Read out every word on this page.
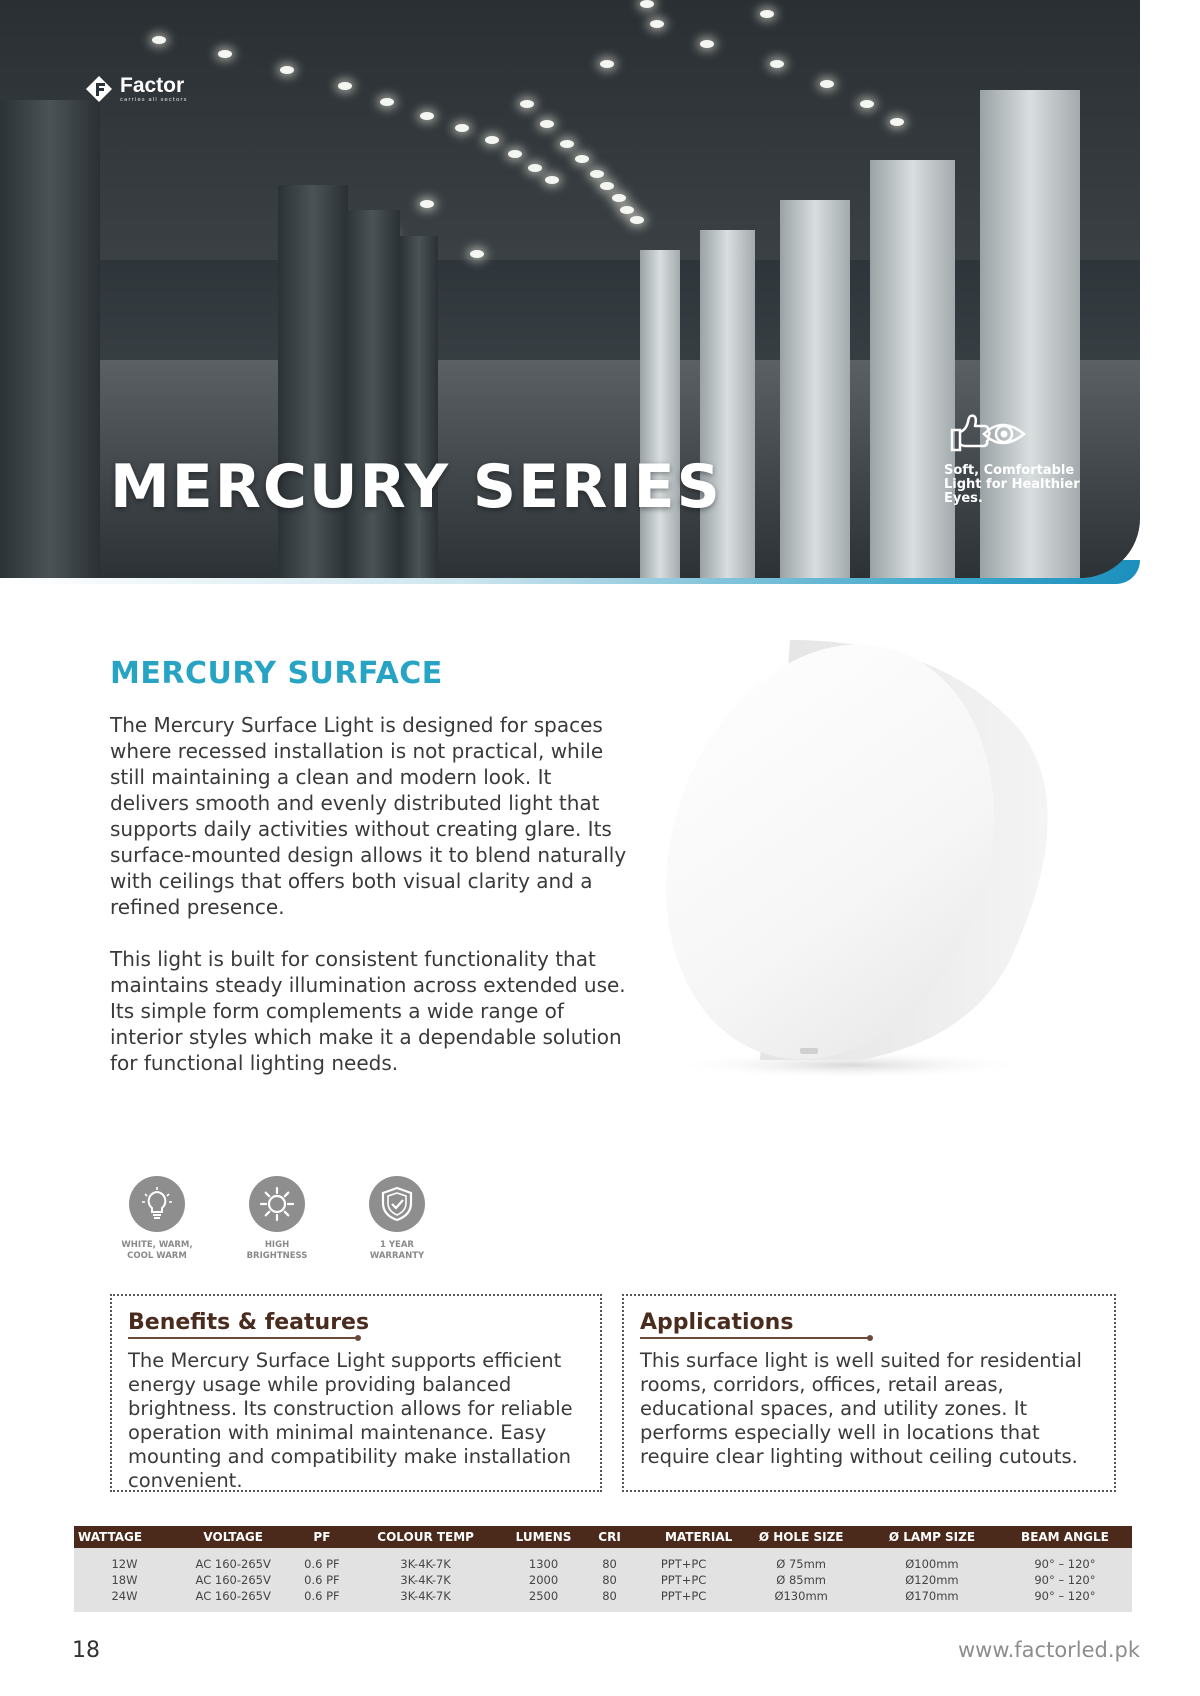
Factor
carries all sectors
MERCURY SERIES	Soft, Comfortable
Light for Healthier
Eyes.
MERCURY SURFACE

The Mercury Surface Light is designed for spaces where recessed installation is not practical, while still maintaining a clean and modern look. It delivers smooth and evenly distributed light that supports daily activities without creating glare. Its surface-mounted design allows it to blend naturally with ceilings that offers both visual clarity and a refined presence.

This light is built for consistent functionality that maintains steady illumination across extended use. Its simple form complements a wide range of interior styles which make it a dependable solution for functional lighting needs.

WHITE, WARM,
COOL WARM
HIGH
BRIGHTNESS
1 YEAR
WARRANTY
Benefits & features

The Mercury Surface Light supports efficient energy usage while providing balanced brightness. Its construction allows for reliable operation with minimal maintenance. Easy mounting and compatibility make installation convenient.

Applications

This surface light is well suited for residential rooms, corridors, offices, retail areas, educational spaces, and utility zones. It performs especially well in locations that require clear lighting without ceiling cutouts.

WATTAGE	VOLTAGE	PF	COLOUR TEMP	LUMENS	CRI	MATERIAL	Ø HOLE SIZE	Ø LAMP SIZE	BEAM ANGLE

12W	AC 160-265V	0.6 PF	3K-4K-7K	1300	80	PPT+PC	Ø 75mm	Ø100mm	90° – 120°
18W	AC 160-265V	0.6 PF	3K-4K-7K	2000	80	PPT+PC	Ø 85mm	Ø120mm	90° – 120°
24W	AC 160-265V	0.6 PF	3K-4K-7K	2500	80	PPT+PC	Ø130mm	Ø170mm	90° – 120°

18	www.factorled.pk
